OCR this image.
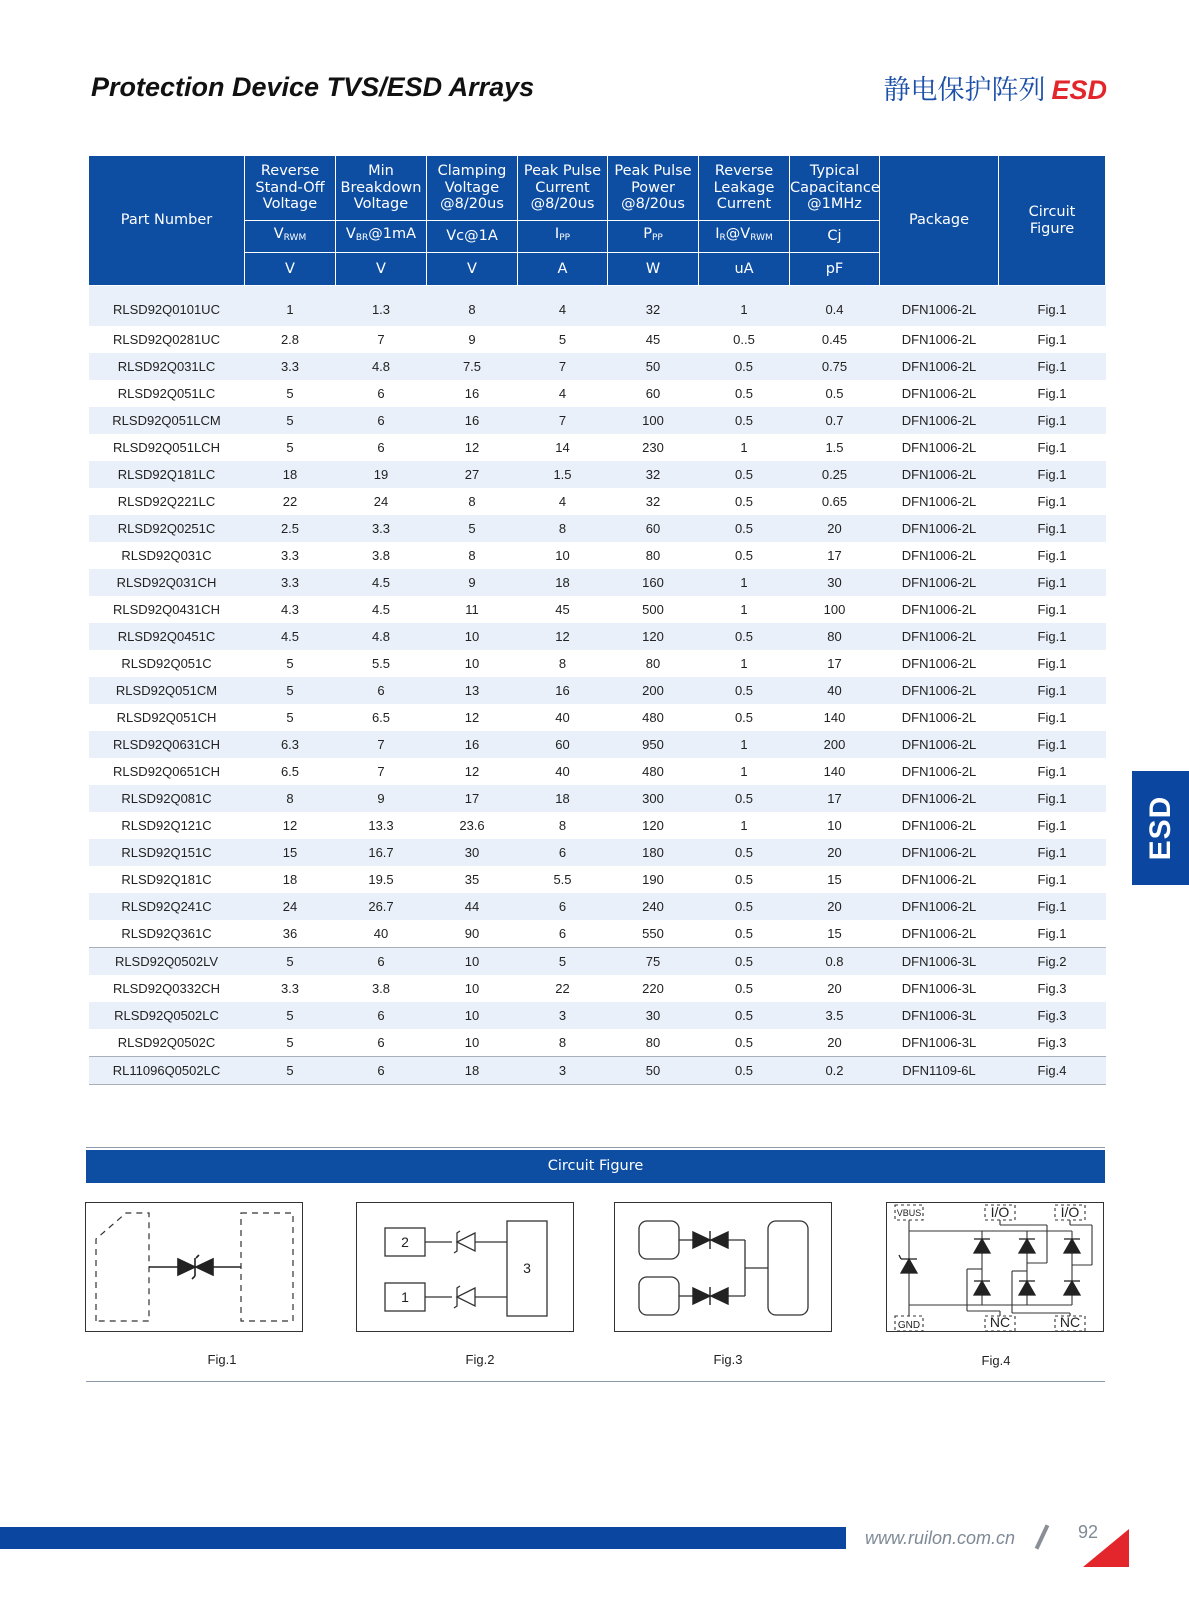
Protection Device TVS/ESD Arrays	静电保护阵列 ESD
ESD
Part Number	Reverse
Stand-Off
Voltage	Min
Breakdown
Voltage	Clamping
Voltage
@8/20us	Peak Pulse
Current
@8/20us	Peak Pulse
Power
@8/20us	Reverse
Leakage
Current	Typical
Capacitance
@1MHz	Package	Circuit
Figure
	$V_{RWM}$	$V_{BR}@1mA$	Vc@1A	$I_{PP}$	$P_{PP}$	$I_R@V_{RWM}$	Cj		
	V	V	V	A	W	uA	pF		
RLSD92Q0101UC	1	1.3	8	4	32	1	0.4	DFN1006-2L	Fig.1
RLSD92Q0281UC	2.8	7	9	5	45	0..5	0.45	DFN1006-2L	Fig.1
RLSD92Q031LC	3.3	4.8	7.5	7	50	0.5	0.75	DFN1006-2L	Fig.1
RLSD92Q051LC	5	6	16	4	60	0.5	0.5	DFN1006-2L	Fig.1
RLSD92Q051LCM	5	6	16	7	100	0.5	0.7	DFN1006-2L	Fig.1
RLSD92Q051LCH	5	6	12	14	230	1	1.5	DFN1006-2L	Fig.1
RLSD92Q181LC	18	19	27	1.5	32	0.5	0.25	DFN1006-2L	Fig.1
RLSD92Q221LC	22	24	8	4	32	0.5	0.65	DFN1006-2L	Fig.1
RLSD92Q0251C	2.5	3.3	5	8	60	0.5	20	DFN1006-2L	Fig.1
RLSD92Q031C	3.3	3.8	8	10	80	0.5	17	DFN1006-2L	Fig.1
RLSD92Q031CH	3.3	4.5	9	18	160	1	30	DFN1006-2L	Fig.1
RLSD92Q0431CH	4.3	4.5	11	45	500	1	100	DFN1006-2L	Fig.1
RLSD92Q0451C	4.5	4.8	10	12	120	0.5	80	DFN1006-2L	Fig.1
RLSD92Q051C	5	5.5	10	8	80	1	17	DFN1006-2L	Fig.1
RLSD92Q051CM	5	6	13	16	200	0.5	40	DFN1006-2L	Fig.1
RLSD92Q051CH	5	6.5	12	40	480	0.5	140	DFN1006-2L	Fig.1
RLSD92Q0631CH	6.3	7	16	60	950	1	200	DFN1006-2L	Fig.1
RLSD92Q0651CH	6.5	7	12	40	480	1	140	DFN1006-2L	Fig.1
RLSD92Q081C	8	9	17	18	300	0.5	17	DFN1006-2L	Fig.1
RLSD92Q121C	12	13.3	23.6	8	120	1	10	DFN1006-2L	Fig.1
RLSD92Q151C	15	16.7	30	6	180	0.5	20	DFN1006-2L	Fig.1
RLSD92Q181C	18	19.5	35	5.5	190	0.5	15	DFN1006-2L	Fig.1
RLSD92Q241C	24	26.7	44	6	240	0.5	20	DFN1006-2L	Fig.1
RLSD92Q361C	36	40	90	6	550	0.5	15	DFN1006-2L	Fig.1
RLSD92Q0502LV	5	6	10	5	75	0.5	0.8	DFN1006-3L	Fig.2
RLSD92Q0332CH	3.3	3.8	10	22	220	0.5	20	DFN1006-3L	Fig.3
RLSD92Q0502LC	5	6	10	3	30	0.5	3.5	DFN1006-3L	Fig.3
RLSD92Q0502C	5	6	10	8	80	0.5	20	DFN1006-3L	Fig.3
RL11096Q0502LC	5	6	18	3	50	0.5	0.2	DFN1109-6L	Fig.4
Circuit Figure
2
1
3
VBUS	I/O	I/O
GND	NC	NC
Fig.1	Fig.2	Fig.3	Fig.4
www.ruilon.com.cn	92
